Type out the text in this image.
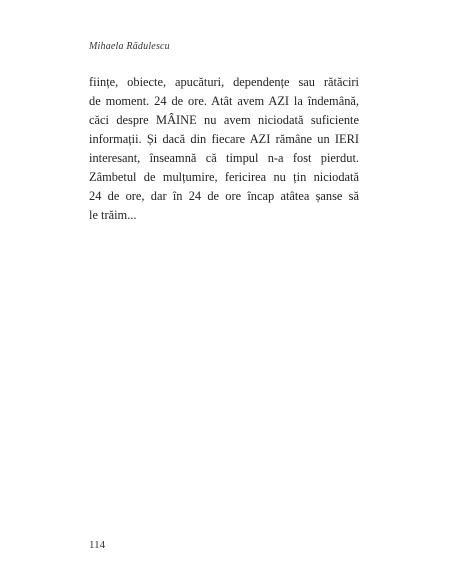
Mihaela Rădulescu
ființe, obiecte, apucături, dependențe sau rătăciri
de moment. 24 de ore. Atât avem AZI la îndemână,
căci despre MÂINE nu avem niciodată suficiente
informații. Și dacă din fiecare AZI rămâne un IERI
interesant, înseamnă că timpul n-a fost pierdut.
Zâmbetul de mulțumire, fericirea nu țin niciodată
24 de ore, dar în 24 de ore încap atâtea șanse să
le trăim...
114
